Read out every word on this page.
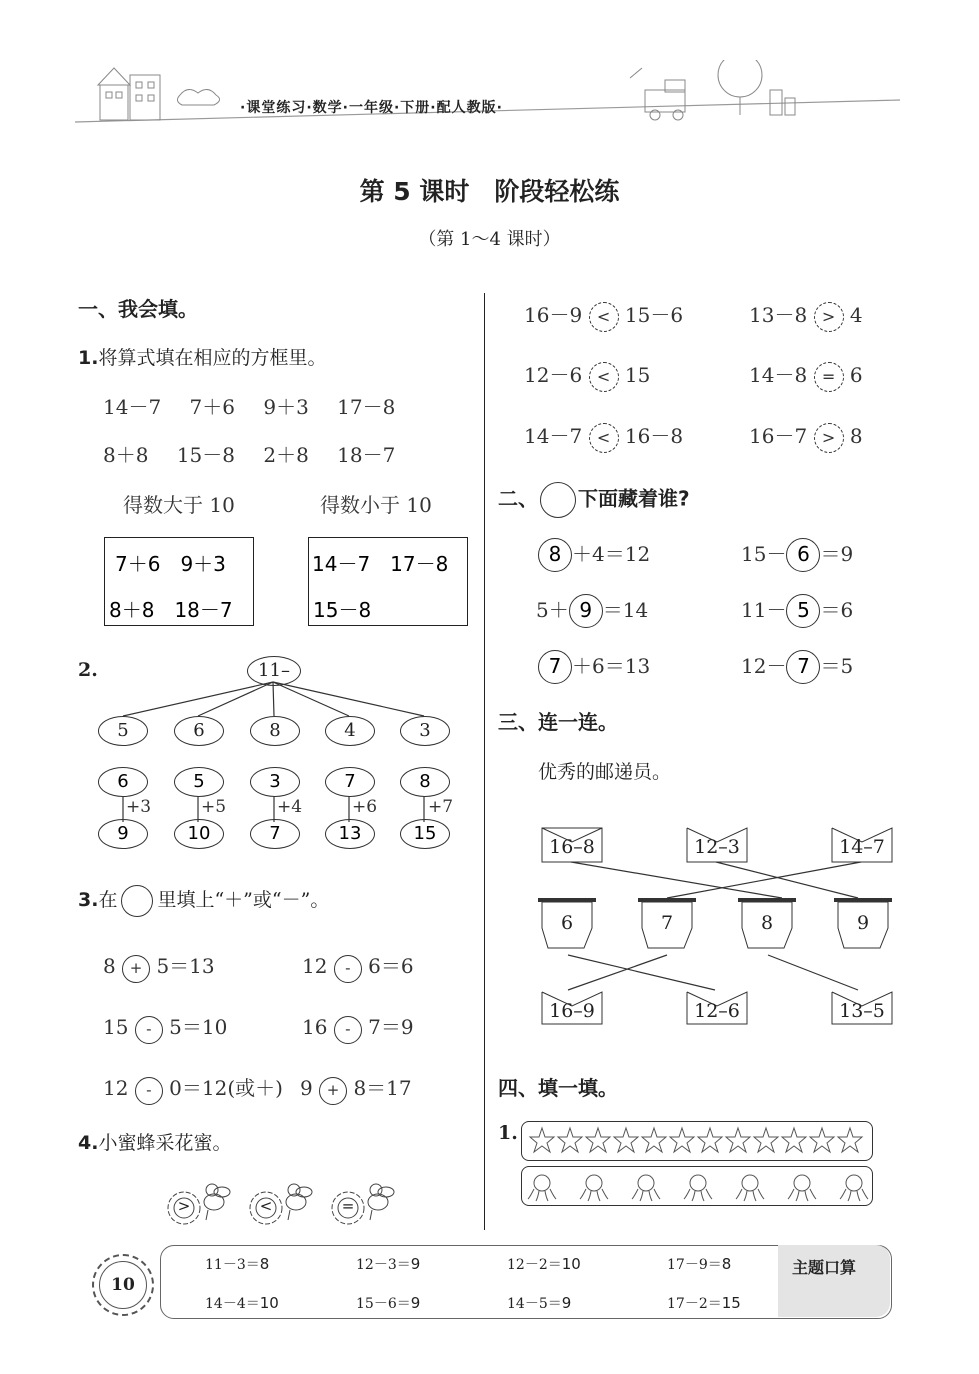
·课堂练习·数学·一年级·下册·配人教版·
第 5 课时　阶段轻松练
（第 1～4 课时）
一、我会填。
1.将算式填在相应的方框里。
14－7 7＋6 9＋3 17－8
8＋8 15－8 2＋8 18－7
得数大于 10	得数小于 10
7＋6　9＋3
8＋8　18－7
14－7　17－8
15－8
2.	11–
5	6	8	4	3
6	5	3	7	8
+3	+5	+4	+6	+7
9	10	7	13	15
3.在 里填上“＋”或“－”。
8 + 5＝13	12 - 6＝6
15 - 5＝10	16 - 7＝9
12 - 0＝12(或＋) 9 + 8＝17
4.小蜜蜂采花蜜。
>	<	=
16－9 < 15－6	13－8 > 4
12－6 < 15	14－8 = 6
14－7 < 16－8	16－7 > 8
二、 下面藏着谁?
8 ＋4＝12	15－ 6 ＝9
5＋ 9 ＝14	11－ 5 ＝6
7 ＋6＝13	12－ 7 ＝5
三、连一连。
优秀的邮递员。
16–8	12–3	14–7
6	7	8	9
16–9	12–6	13–5
四、填一填。
1.
10
主题口算
11－3＝8	12－3＝9	12－2＝10	17－9＝8
14－4＝10	15－6＝9	14－5＝9	17－2＝15
